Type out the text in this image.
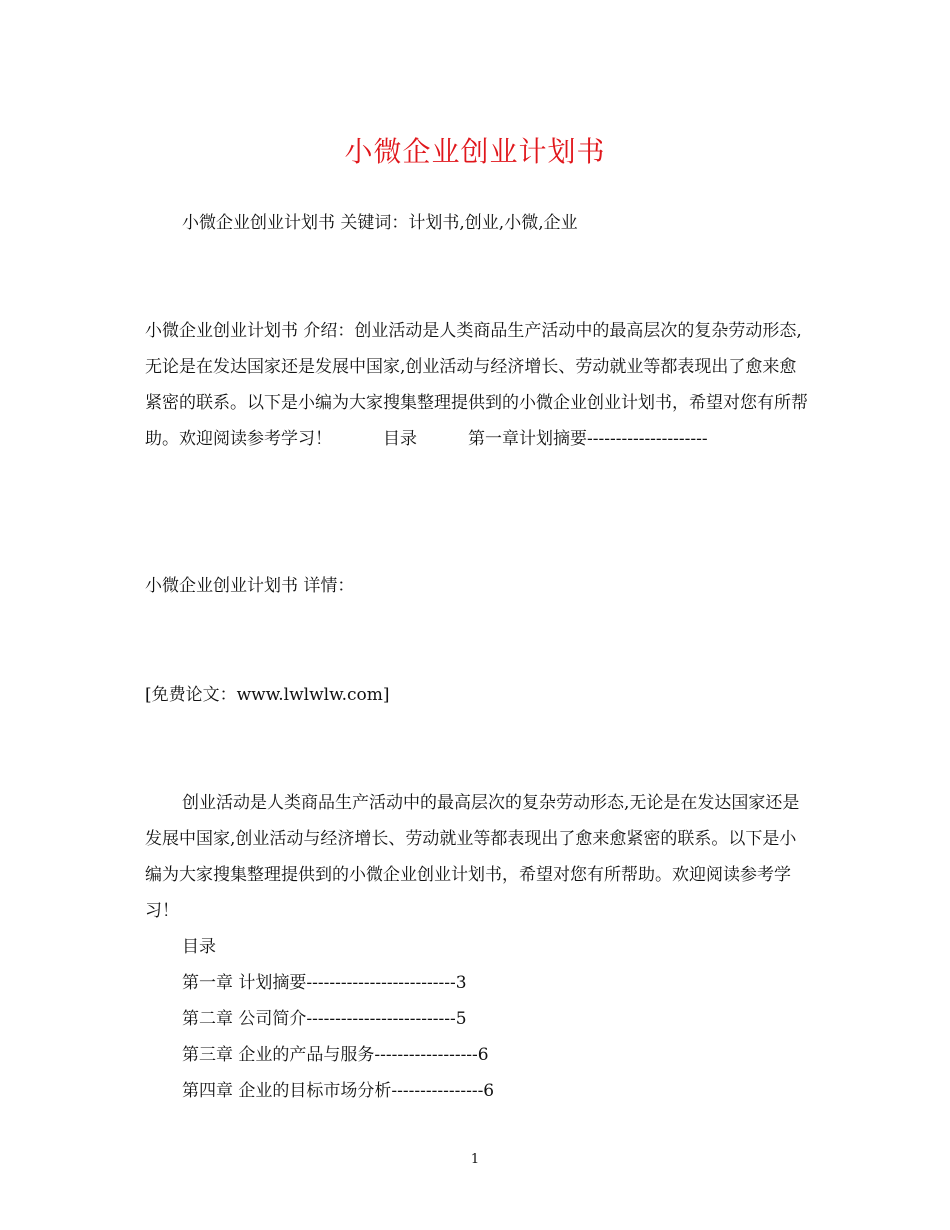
小微企业创业计划书

小微企业创业计划书 关键词：计划书,创业,小微,企业

小微企业创业计划书 介绍：创业活动是人类商品生产活动中的最高层次的复杂劳动形态,无论是在发达国家还是发展中国家,创业活动与经济增长、劳动就业等都表现出了愈来愈紧密的联系。以下是小编为大家搜集整理提供到的小微企业创业计划书，希望对您有所帮助。欢迎阅读参考学习！　　　目录　　　第一章计划摘要---------------------

小微企业创业计划书 详情：

[免费论文：www.lwlwlw.com]

创业活动是人类商品生产活动中的最高层次的复杂劳动形态,无论是在发达国家还是发展中国家,创业活动与经济增长、劳动就业等都表现出了愈来愈紧密的联系。以下是小编为大家搜集整理提供到的小微企业创业计划书，希望对您有所帮助。欢迎阅读参考学习！

目录
第一章 计划摘要--------------------------3
第二章 公司简介--------------------------5
第三章 企业的产品与服务------------------6
第四章 企业的目标市场分析----------------6
1
